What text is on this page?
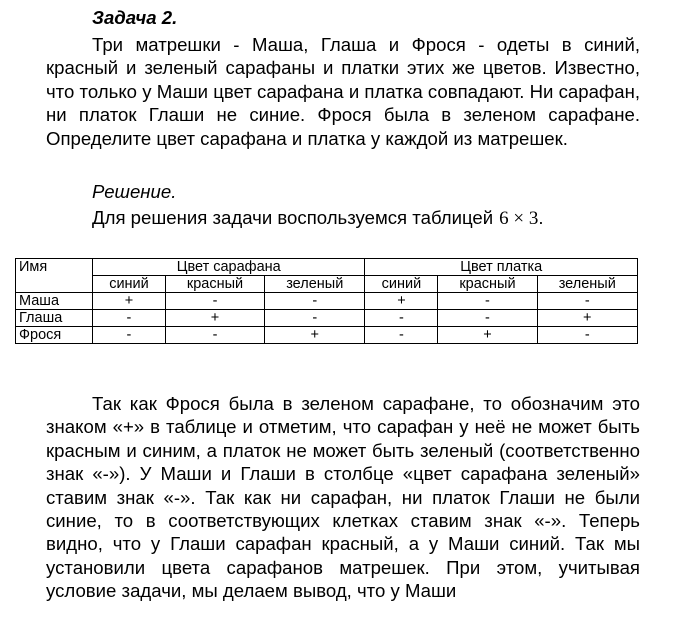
Задача 2.
Три матрешки - Маша, Глаша и Фрося - одеты в синий, красный и зеленый сарафаны и платки этих же цветов. Известно, что только у Маши цвет сарафана и платка совпадают. Ни сарафан, ни платок Глаши не синие. Фрося была в зеленом сарафане. Определите цвет сарафана и платка у каждой из матрешек.
Решение.
Для решения задачи воспользуемся таблицей 6 × 3.
Имя	Цвет сарафана			Цвет платка		
	синий	красный	зеленый	синий	красный	зеленый
Маша	+	-	-	+	-	-
Глаша	-	+	-	-	-	+
Фрося	-	-	+	-	+	-
Так как Фрося была в зеленом сарафане, то обозначим это знаком «+» в таблице и отметим, что сарафан у неё не может быть красным и синим, а платок не может быть зеленый (соответственно знак «-»). У Маши и Глаши в столбце «цвет сарафана зеленый» ставим знак «-». Так как ни сарафан, ни платок Глаши не были синие, то в соответствующих клетках ставим знак «-». Теперь видно, что у Глаши сарафан красный, а у Маши синий. Так мы установили цвета сарафанов матрешек. При этом, учитывая условие задачи, мы делаем вывод, что у Маши
